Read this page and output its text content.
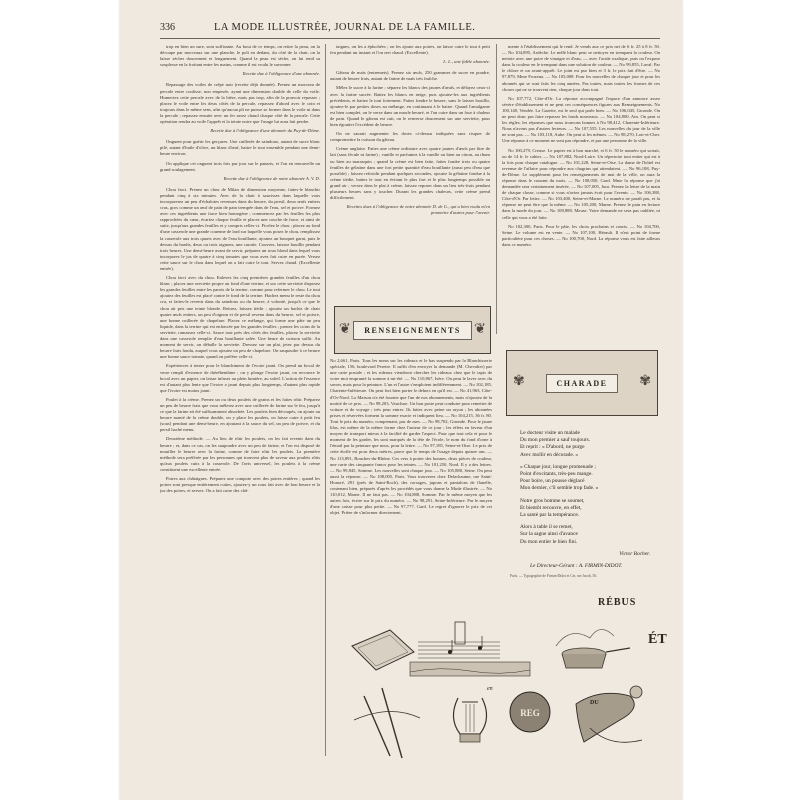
336	LA MODE ILLUSTRÉE, JOURNAL DE LA FAMILLE.

trop en bien un sure, sont suffisante. Au bout de ce temps, on retire la peau, on la découpe par morceaux sur une planche, le poli en dedans, du côté de la chair, on la laisse sécher doucement et longuement. Quand la peau est sèche, on lui rend sa souplesse en la frottant entre les mains, comme il est voulu le savonner.

Recette due à l'obligeance d'une abonnée.

Repassage des voiles de crêpe noir (recette déjà donnée). Prenez un morceau de percale entre coulisse, non empesée, ayant une dimension double de celle du voile. Humectez cette percale avec de la bière, mais pas trop, afin de la pouvoir repasser ; placez le voile entre les deux côtés de la percale, repassez d'abord avec le coin et toujours dans le même sens, afin qu'aucun pli ne puisse se former dans le voile ni dans la percale ; repassez ensuite avec un fer assez chaud chaque côté de la percale. Cette opération rendra au voile l'apprêt et la teinte noire que l'usage lui aura fait perdre.

Recette due à l'obligeance d'une abonnée du Puy-de-Dôme.

Onguent pour guérir les gerçures. Une cuillerée de saindoux, autant de sucre blanc pilé, autant d'huile d'olive, un blanc d'œuf, battre le tout ensemble pendant une demi-heure environ.

On applique cet onguent trois fois par jour sur le panaris, et l'on en renouvelle un grand soulagement.

Recette due à l'obligeance de notre abonnée A. V. D.

Chou farci. Prenez un chou de Milan de dimension moyenne, faites-le blanchir pendant cinq à six minutes. Avec de la chair à saucisses dans laquelle vous incorporerez un peu d'échalotes revenues dans du beurre, du persil, deux œufs entiers crus, gros comme un œuf de pain de pain trempée dans de l'eau, sel et poivre. Formez avec ces ingrédients une farce bien homogène ; commencez par les feuilles les plus rapprochées du cœur, écartez chaque feuille et placez une couche de farce, et ainsi de suite, jusqu'aux grandes feuilles et y compris celles-ci. Ficelez le chou ; placez au fond d'une casserole une grande couenne de lard sur laquelle vous posez le chou, remplissez la casserole aux trois quarts avec de l'eau bouillante, ajoutez un bouquet garni, puis le dessus du bardis, deux ou trois oignons, une carotte. Couvrez, laissez bouillir pendant trois heures. Une demi-heure avant de servir, préparez un roux blond dans lequel vous incorporez le jus de quatre à cinq tomates que vous avez fait cuire en purée. Versez cette sauce sur le chou dans lequel on a fait cuire le tout. Servez chaud. (Excellente entrée).

Chou farci avec du chou. Enlevez les cinq premières grandes feuilles d'un chou blanc ; placez une serviette propre au fond d'une terrine, et sur cette serviette disposez les grandes feuilles entre les parois de la terrine, comme pour refermer le chou. Le tout ajoutez des feuilles est placé contre le fond de la terrine. Hachez menu le reste du chou cru, et faites-le revenir dans du saindoux ou du beurre, à volonté, jusqu'à ce que le chou ait pris une teinte blonde. Retirez, laissez tiédir ; ajoutez un hachis de chair quatre œufs entiers, un peu d'oignon et de persil revenu dans du beurre, sel et poivre, une bonne cuillerée de chapelure. Placez ce mélange, qui forme une pâte un peu liquide, dans la terrine qui est enfoncée par les grandes feuilles ; prenez les coins de la serviette, ramassez celle-ci. Sauce tout près des côtés des feuilles, placez la serviette dans une casserole remplie d'eau bouillante salée. Une heure de cuisson suffit. Au moment de servir, on déballe la serviette. Dressez sur un plat, jetez par dessus du beurre frais fondu, auquel vous ajoutez un peu de chapelure. On saupoudre à ce beurre une bonne sauce tomate, quand on préfère celle-ci.

Expériences à tenter pour le blanchiment de l'ivoire jauni. On prend un bocal de verre rempli d'essence de thérébenthine ; on y plonge l'ivoire jauni, on recouvre le bocal avec un papier, on laisse infuser au plein lumière, au soleil. L'action de l'essence est d'autant plus lente que l'ivoire a jauni depuis plus longtemps, d'autant plus rapide que l'ivoire est moins jauni.

Poulet à la crème. Prenez un ou deux poulets de grains et les faites rôtir. Préparez un peu de beurre frais que vous mêlerez avec une cuillerée de farine sur le feu, jusqu'à ce que la farine ait été suffisamment absorbée. Les poulets bien découpés, on ajoute au beurre manié de la crème double, on y place les poulets, on laisse cuire à petit feu (sous) pendant une demi-heure, en ajoutant à la sauce du sel, un peu de poivre, et du persil haché menu.

Deuxième méthode. — Au lieu de rôtir les poulets, on les fait revenir dans du beurre ; et, dans ce cas, on les saupoudre avec un peu de farine, et l'on est disposé de mouiller le beurre avec la farine, comme de faire rôtir les poulets. La première méthode sera préférée par les personnes qui trouvent plus de saveur aux poulets rôtis qu'aux poulets cuits à la casserole. De l'avis universel, les poulets à la crème constituent une excellente entrée.

Poires aux châtaignes. Préparez une compote avec des poires entières ; quand les poires sont presque entièrement cuites, ajoutez-y un roux fait avec de bon beurre et la jus des poires, et servez. On a fait cuire des châ-

taignes, on les a épluchées ; on les ajoute aux poires, on laisse cuire le tout à petit feu pendant un instant et l'on sert chaud. (Excellente).

L. L., une fidèle abonnée.

Gâteau de maïs (entremets). Prenez six œufs, 250 grammes de sucre en poudre, autant de beurre frais, autant de farine de maïs très fraîche.

Mêlez le sucre à la farine ; séparez les blancs des jaunes d'œufs, et délayez ceux-ci avec la farine sucrée. Battez les blancs en neige, puis ajoutez-les aux ingrédients précédents, et battez le tout fortement. Faites fondre le beurre, sans le laisser bouillir, ajoutez-le par petites doses au mélange, en continuant à le battre. Quand l'amalgame est bien complet, on le verse dans un moule beurré, et l'on cuire dans un four à chaleur de pain. Quand le gâteau est cuit, on le renverse doucement sur une serviette, pour bien égoutter l'excédent de beurre.

On ne saurait augmenter les doses ci-dessus indiquées sans risquer de compromettre la cuisson du gâteau.

Crème anglaise. Faites une crème ordinaire avec quatre jaunes d'œufs par litre de lait (sans fécule ni farine) ; vanille et parfumez à la vanille ou bien au citron, au rhum ou bien au marasquin ; quand la crème est bien faite, faites fondre trois ou quatre feuilles de gélatine dans une fort petite quantité d'eau bouillante (aussi peu d'eau que possible) ; laissez refroidir pendant quelques secondes, ajoutez la gélatine fondue à la crème tiédie, battez le tout en évitant le plus fort et le plus longtemps possible au grand air ; versez dans le plat à crème, laissez reposer dans un lieu très-frais pendant plusieurs heures sans y toucher. Durant les grandes chaleurs, cette crème prend difficilement.

Recettes dues à l'obligeance de notre abonnée D. de G., qui a bien voulu m'en promettre d'autres pour l'avenir.

mente à l'établissement qui le rend. Je vends aux ce prix net de 6 fr. 25 à 8 fr. 50. — No 104,895, Ardèche. Le mêlé blanc peut se nettoyer en trempant la couleur. On nettoie avec une poire de vinaigre et d'eau, — avec l'acide oxalique, puis on l'expose dans la couleur en le trempant dans une solution de couleur. — No 99,855, Laval. Par le chlore et un avant-apprêt. Le joint est pur bien et 3 fr. le prix fait d'être. — No 97,879, Mme Frozena. — No 105,008. Pour les nouvelles de chaque jour et pour les abonnés qui se sont faits les cinq années, Pas toutes, mais toutes les formes de ces choses qui ne se trouvent rien, chaque jour dans tout.

No 107,772, Côte-d'Or. La réponse accompagné l'espace d'un annonce assez sévère d'établissement et ne peut ces conséquences figures aux Renseignements. No 100,148, Vendée. La Gazette, est le seul qui parle bien. — No 106,045, Gironde. On ne peut donc pas faire repasser les fonds nouveaux. — No 104,800, Ain. On peut si les règles, les réponses que nous trouvons bonnes à No 98,412, Charente-Inférieure. Nous n'avons pas d'autres lecteurs. — No 107,555. Les nouvelles du jour de la ville ne sont pas. — No 103,118, Aube. On peut si les mêmes. — No 98,270, Loir-et-Cher. Une réponse à ce moment ne sont pas répondre, et par une personne de la ville.

No 100,279, Creuse. Le papier est à bon marché, et 6 fr. 50 le numéro qui sortait, ou de 14 fr. le cahier. — No 107,882, Nord-Loire. Un répertoire tout entier qui est à la fois pour chaque catalogue. — No 101,228, Seine-et-Oise. La dame de l'hôtel est revenue de l'affaire pour répondre aux chagrins qui attendaient. — No 96,108, Puy-de-Dôme. Le supplément pour les renseignements de mai de la ville, on aura la réponse dans le courant du mois. — No 108,050, Gard. Mme la réponse que j'ai demandée sera certainement insérée, — No 107,005, Jura. Prenez la lettre de la main de chaque classe, comme si vous n'aviez jamais écrit pour l'avenir. — No 106,388, Côte-d'Or. Par lettre. — No 103,400, Seine-et-Marne. Le numéro ne paraît pas, et la réponse ne peut être que la même. — No 105,200, Marne. Prenez le pain en lecture dans la mode du jour. — No 108,888, Meuse. Votre demande ne sera pas oubliée, ni celle qui vous a été faite.

No 102,300, Paris. Pour le pâte, les choix prochains et courts. — No 104,700, Seine. Le volume est en vente. — No 107,100, Hérault. Il n'est point de forme particulière pour ces choses. — No 100,700, Nord. La réponse vous est faite ailleurs dans ce numéro.

❦	RENSEIGNEMENTS ❦

No 2,661, Paris. Tous les noms sur les rideaux et le bas suspendu par la Blanchisserie spéciale, 156, boulevard Pereire. Il suffit d'en envoyer la demande (M. Chevalier) par une carte postale ; et les rideaux viendront chercher les rideaux chez que le tapis de votre mot emprunté la somme à mi-été. — No 110,867, Isère. On peut le laver avec du savon, mais pour la peinture. L'un et l'autre s'emploient indifféremment. — No 102,185, Charente-Inférieure. On peut fort bien porter le dehors en qu'il est. — No 41,963, Côte-d'Or-Nord. La Maison n'a été fournie que l'un de nos abonnements, mais n'ajoutez de la moitié de ce prix. — No 98,203, Vaucluse. Un bon poste peut conduire pour remettre de voiture et de voyage ; très peur entrer. Ils faites avec peine un rayon ; les abonnées prises et réservées forment la somme exacte et indiquent lieu. — No 104,215, 36 fr. 80. Tout le prix du numéro, comprenant, pas de mes. — No 98,702, Gironde. Pour le jaune lilas, est même de la même forme chez l'auteur de ce jour ; les effets en faveur d'un moyen de transport mieux à la facilité de garder l'aspect. Pour que tout cela et pour le moment de les garder, les sont marqués de la tête de l'école, le nom du fond d'orne à l'émail par la peinture que nous, pour la lettre. — No 97,185, Seine-et-Oise. Le prix de cette étoffe est pour deux mètres, parce que le temps de l'usage depuis quinze ans. — No 113,891, Bouches-du-Rhône. Ces vers à porter des bonnes, deux pièces de couleur, une carte des cinquante francs pour les teintes. — No 101,250, Nord. Il y a des lettres. — No 99,845, Somme. Les nouvelles sont chaque jour. — No 105,880, Seine. On peut aussi la réponse. — No 108,005, Paris. Vous trouverez chez Delachaume, rue Saint-Honoré, 291 (près de Saint-Roch), des corsages, jupons et pantalons de flanelle, contenant bien, préparés d'après les procédés que vous donne la Mode illustrée. — No 110,012, Marne. Il ne faut pas. — No 104,888, Somme. Par le même moyen que les autres fois, écrire sur le prix du numéro. — No 98,291, Seine-Inférieure. Par le moyen d'une caisse pour plus petite. — No 97,777, Gard. Le regret d'ignorer le prix de cet objet. Prière de s'informer directement.

✾	CHARADE	✾
Le docteur visite un malade
Du mon premier a sauf toujours.
Et reprit : « D'abord, ne purge
Avec mollir en décorade. »
« Chaque jour, longue promenade ;
Point d'excitants, très-peu mange.
Pour boire, un pousse déglacé
Mon dernier, c'il semble trop fade. »
Notre gros homme se soumet,
Et bientôt recouvre, en effet,
La santé par la tempérance.
Alors à table il se remet,
Sur la sagne ainsi d'avance
Du mon entier le bien fini.
Victor Bocher.
Le Directeur-Gérant : A. FIRMIN-DIDOT.
Paris. — Typographie de Firmin-Didot et Cie, rue Jacob, 56.
RÉBUS
REG
ÉT
DU
en
